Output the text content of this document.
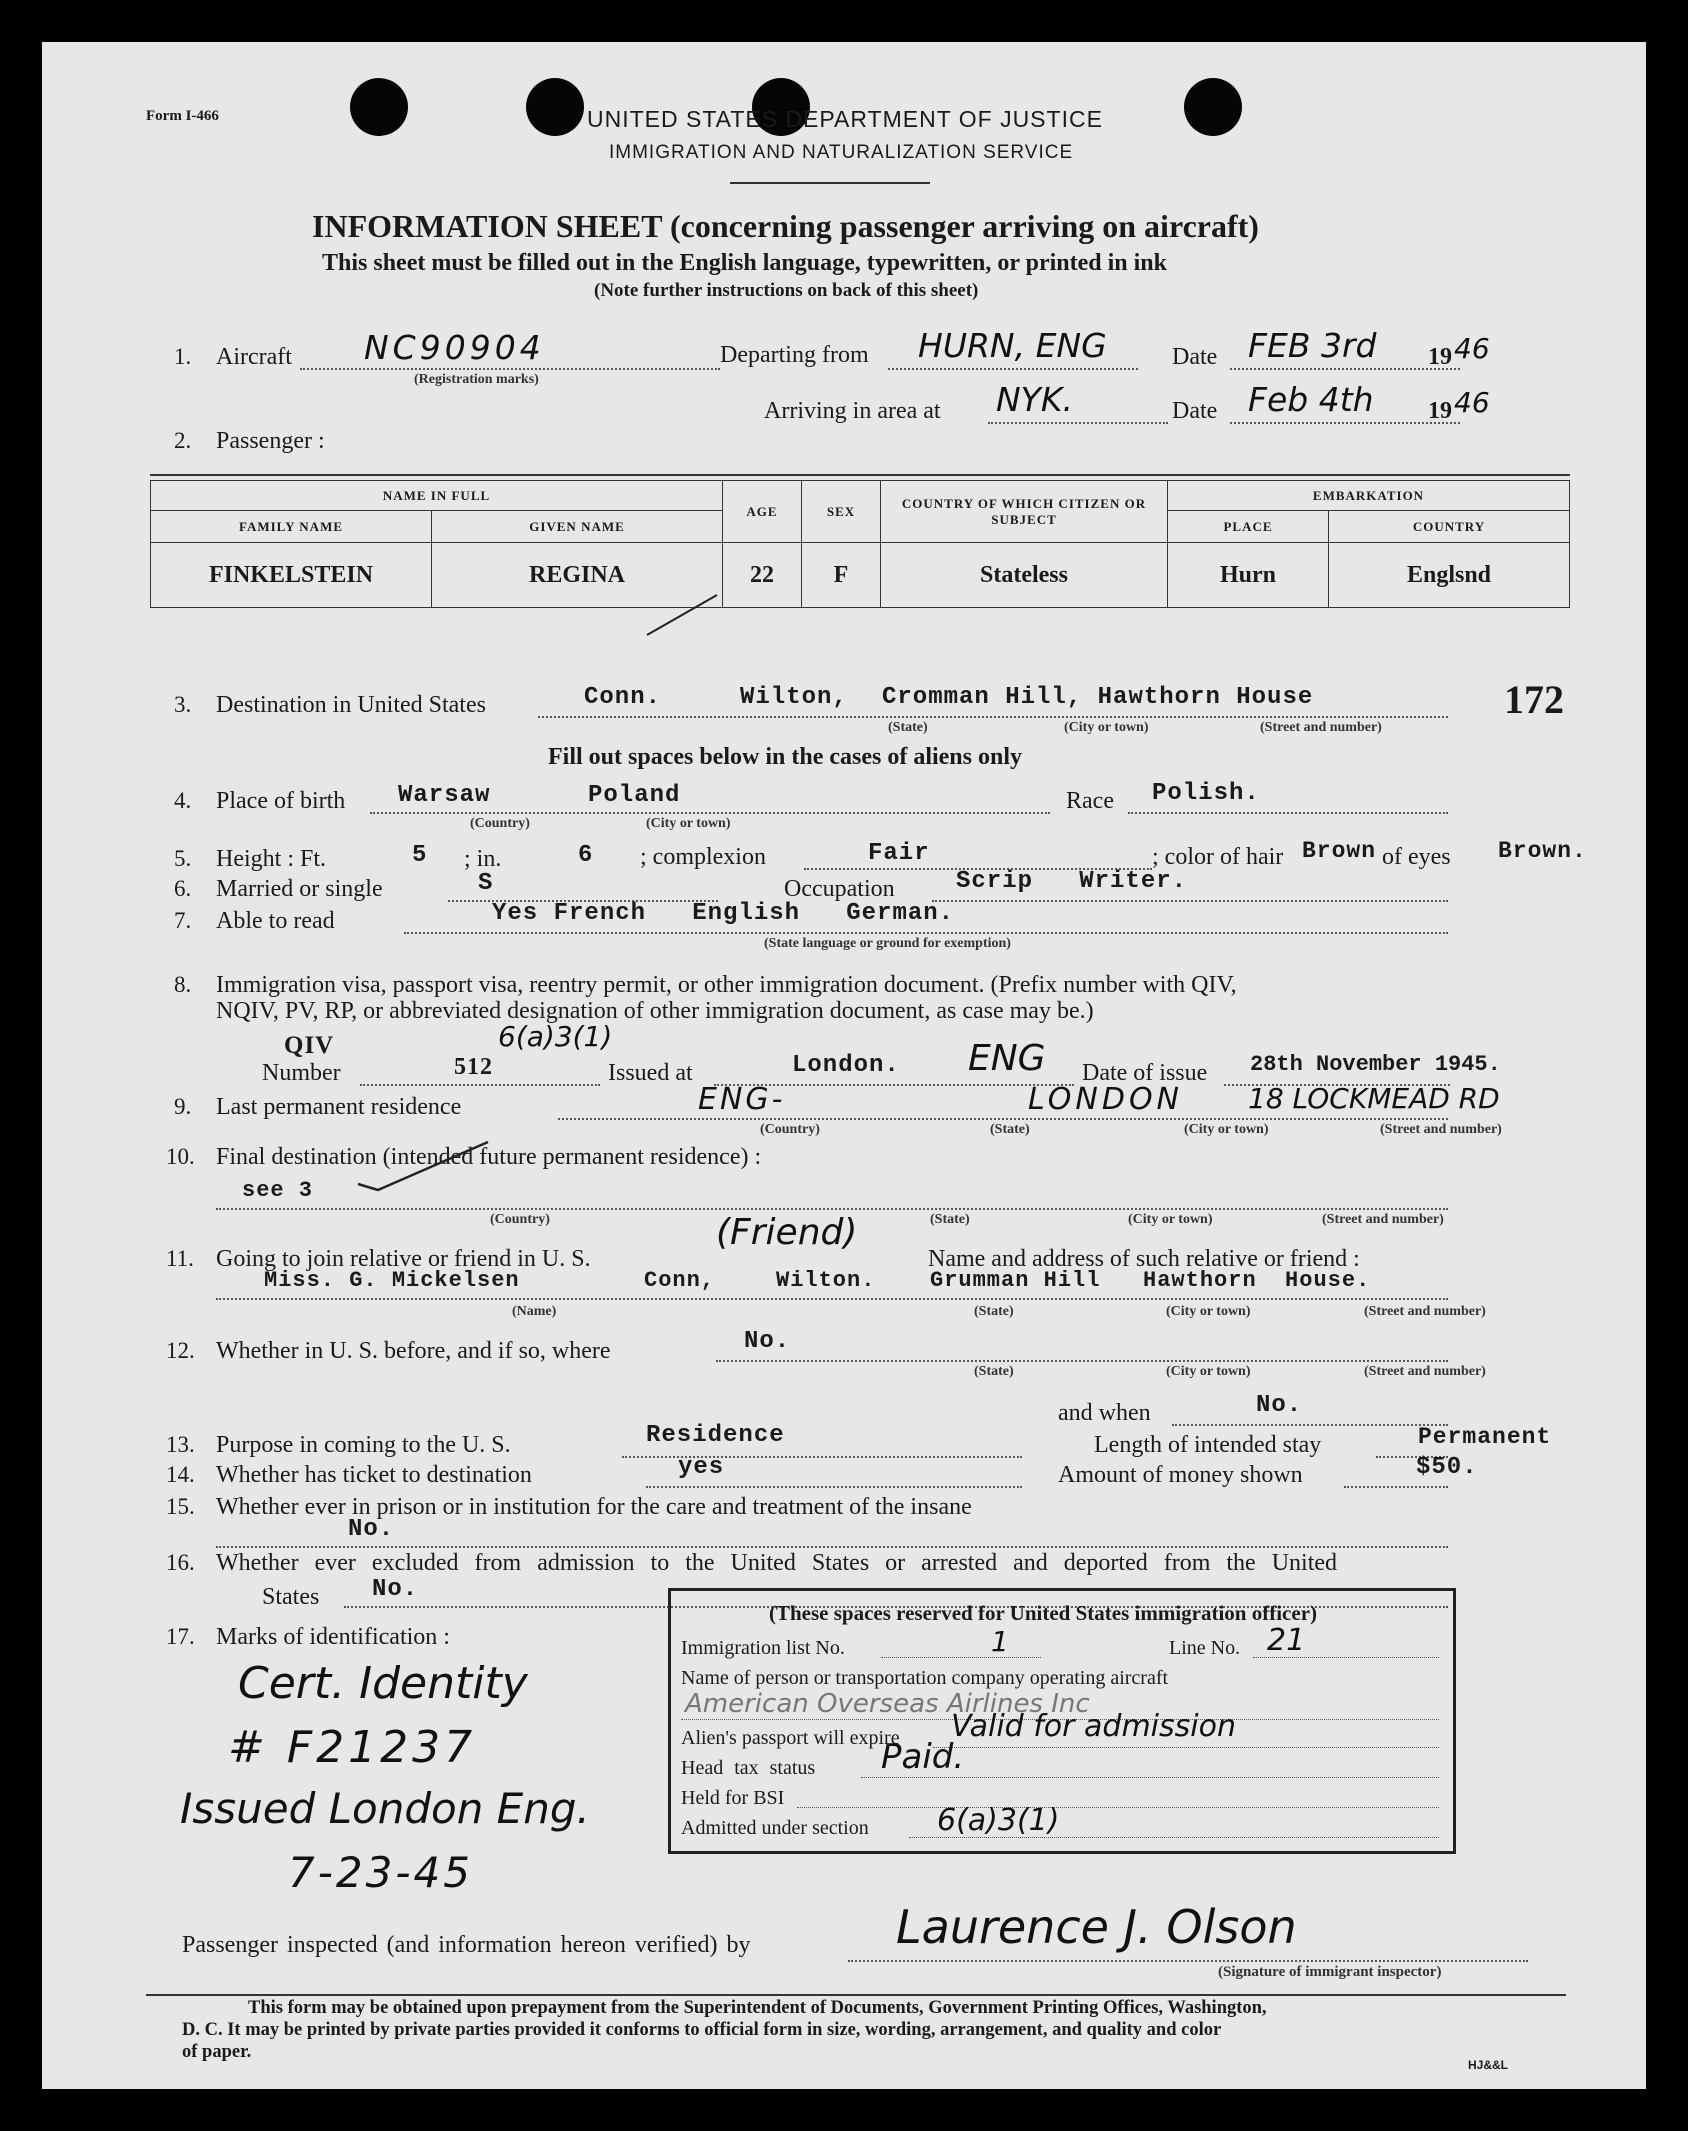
Form I-466	UNITED STATES DEPARTMENT OF JUSTICE
IMMIGRATION AND NATURALIZATION SERVICE
INFORMATION SHEET (concerning passenger arriving on aircraft)
This sheet must be filled out in the English language, typewritten, or printed in ink
(Note further instructions on back of this sheet)
1. Aircraft NC90904
(Registration marks)
Departing from HURN, ENG	Date FEB 3rd 19 46
Arriving in area at NYK.	Date Feb 4th 19 46
2. Passenger :
NAME IN FULL		AGE	SEX	COUNTRY OF WHICH CITIZEN OR SUBJECT	EMBARKATION	
FAMILY NAME	GIVEN NAME				PLACE	COUNTRY
FINKELSTEIN	REGINA	22	F	Stateless	Hurn	Englsnd
3. Destination in United States	Conn.	Wilton, Cromman Hill, Hawthorn House
(State)	(City or town)	(Street and number)
172
Fill out spaces below in the cases of aliens only
4. Place of birth Warsaw	Poland
(Country)	(City or town)
Race Polish.
5. Height : Ft.	5 ; in.	6 ; complexion	Fair	; color of hair Brown of eyes Brown.
6. Married or single	S	Occupation	Scrip   Writer.
7. Able to read	Yes French   English   German.
(State language or ground for exemption)
8. Immigration visa, passport visa, reentry permit, or other immigration document. (Prefix number with QIV,
NQIV, PV, RP, or abbreviated designation of other immigration document, as case may be.)
QIV
Number	512
6(a)3(1)
Issued at	London. ENG Date of issue 28th November 1945.
9. Last permanent residence	ENG-	LONDON 18 LOCKMEAD RD
(Country)	(State)	(City or town)	(Street and number)
10. Final destination (intended future permanent residence) :
see 3
(Country)	(State)	(City or town)	(Street and number)
11. Going to join relative or friend in U. S.
(Friend)
Name and address of such relative or friend :
Miss. G. Mickelsen	Conn,	Wilton. Grumman Hill   Hawthorn  House.
(Name)	(State)	(City or town)	(Street and number)
12. Whether in U. S. before, and if so, where	No.
(State)	(City or town)	(Street and number)
and when	No.
13. Purpose in coming to the U. S.	Residence	Length of intended stay	Permanent
14. Whether has ticket to destination	yes	Amount of money shown	$50.
15. Whether ever in prison or in institution for the care and treatment of the insane
No.
16. Whether ever excluded from admission to the United States or arrested and deported from the United
States No.
17. Marks of identification :
Cert. Identity
# F21237
Issued London Eng.
7-23-45
(These spaces reserved for United States immigration officer)
Immigration list No.	1	Line No. 21
Name of person or transportation company operating aircraft
American Overseas Airlines Inc
Alien's passport will expire Valid for admission
Head tax status Paid.
Held for BSI
Admitted under section 6(a)3(1)
Passenger inspected (and information hereon verified) by	Laurence J. Olson
(Signature of immigrant inspector)
This form may be obtained upon prepayment from the Superintendent of Documents, Government Printing Offices, Washington,
D. C. It may be printed by private parties provided it conforms to official form in size, wording, arrangement, and quality and color
of paper.
HJ&&L
